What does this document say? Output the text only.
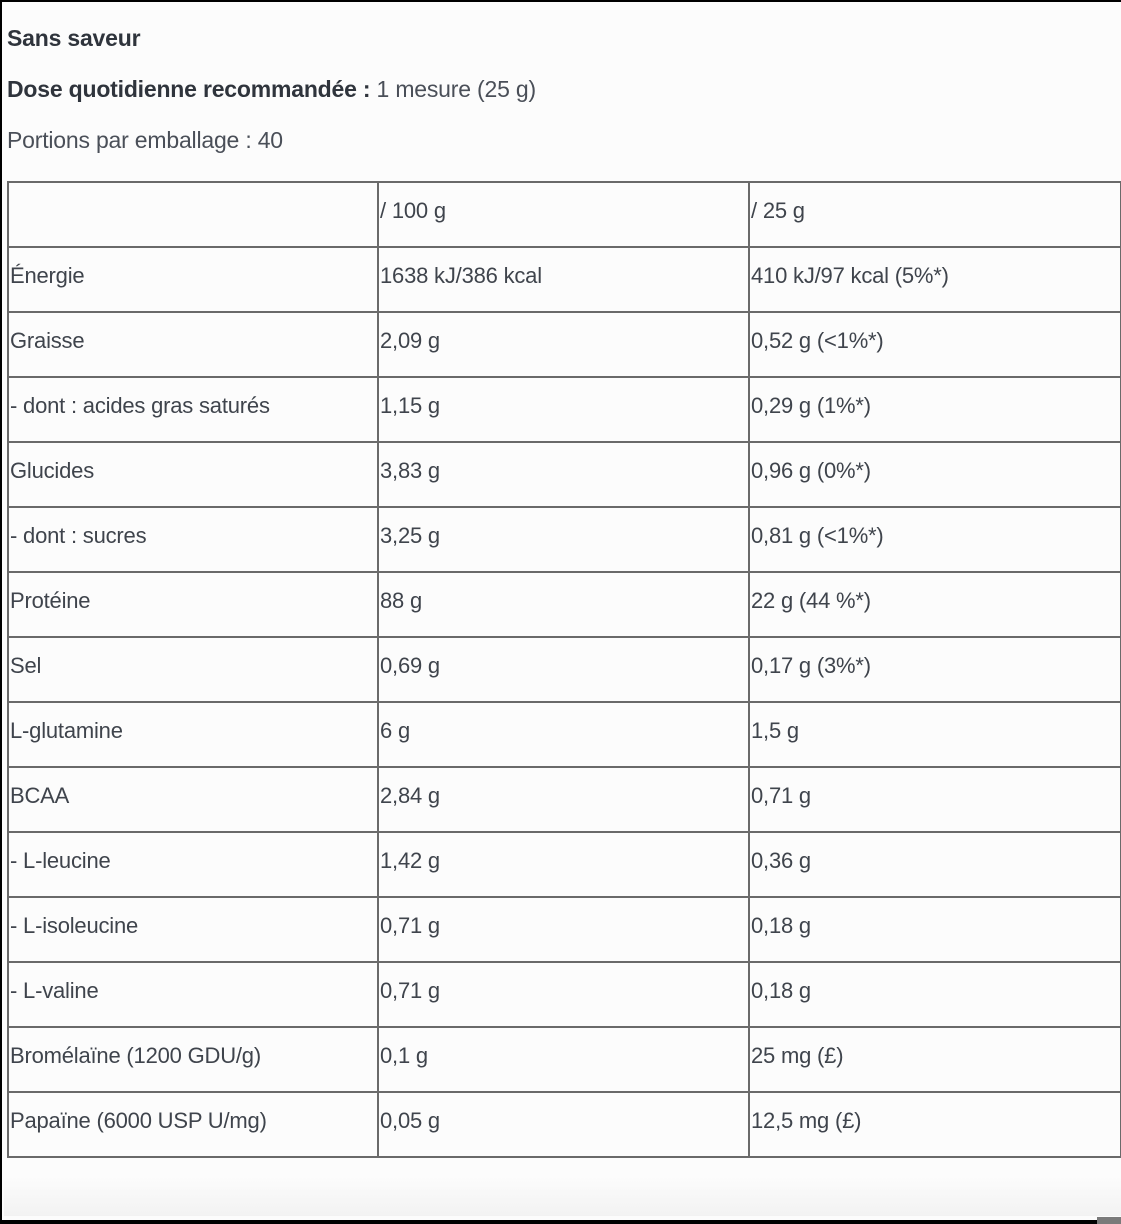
Sans saveur
Dose quotidienne recommandée : 1 mesure (25 g)
Portions par emballage : 40

	/ 100 g	/ 25 g

Énergie	1638 kJ/386 kcal	410 kJ/97 kcal (5%*)

Graisse	2,09 g	0,52 g (<1%*)

- dont : acides gras saturés	1,15 g	0,29 g (1%*)

Glucides	3,83 g	0,96 g (0%*)

- dont : sucres	3,25 g	0,81 g (<1%*)

Protéine	88 g	22 g (44 %*)

Sel	0,69 g	0,17 g (3%*)

L-glutamine	6 g	1,5 g

BCAA	2,84 g	0,71 g

- L-leucine	1,42 g	0,36 g

- L-isoleucine	0,71 g	0,18 g

- L-valine	0,71 g	0,18 g

Bromélaïne (1200 GDU/g)	0,1 g	25 mg (£)

Papaïne (6000 USP U/mg)	0,05 g	12,5 mg (£)
